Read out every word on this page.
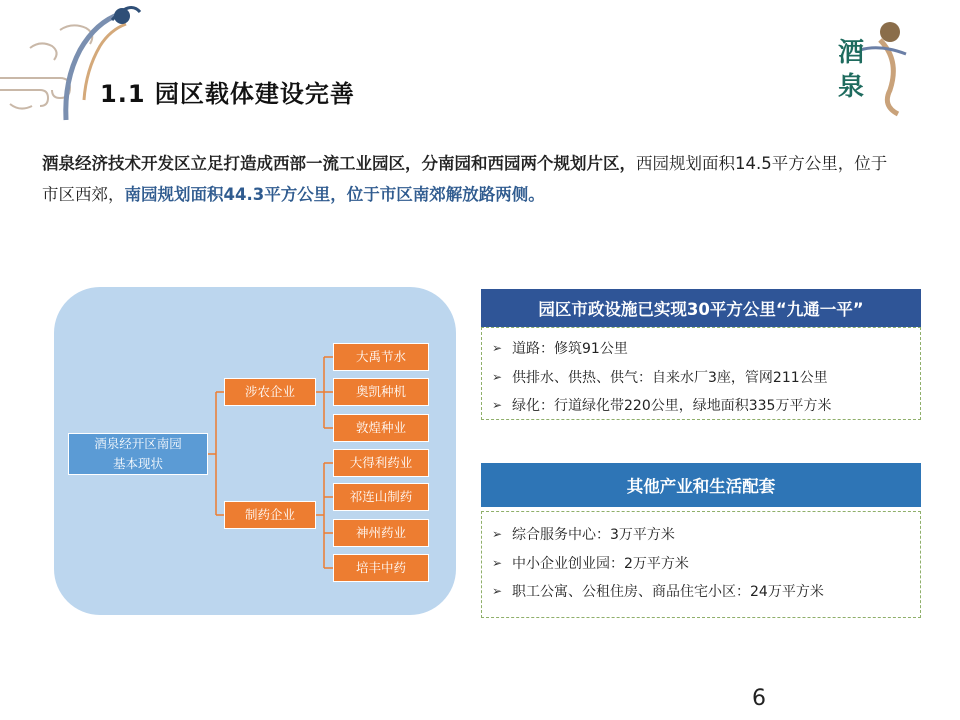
酒泉
1.1 园区载体建设完善
酒泉经济技术开发区立足打造成西部一流工业园区，分南园和西园两个规划片区，西园规划面积14.5平方公里，位于市区西郊，南园规划面积44.3平方公里，位于市区南郊解放路两侧。
酒泉经开区南园
基本现状
涉农企业
制药企业
大禹节水
奥凯种机
敦煌种业
大得利药业
祁连山制药
神州药业
培丰中药
园区市政设施已实现30平方公里“九通一平”
➢ 道路：修筑91公里
➢ 供排水、供热、供气：自来水厂3座，管网211公里
➢ 绿化：行道绿化带220公里，绿地面积335万平方米
其他产业和生活配套
➢ 综合服务中心：3万平方米
➢ 中小企业创业园：2万平方米
➢ 职工公寓、公租住房、商品住宅小区：24万平方米
6
